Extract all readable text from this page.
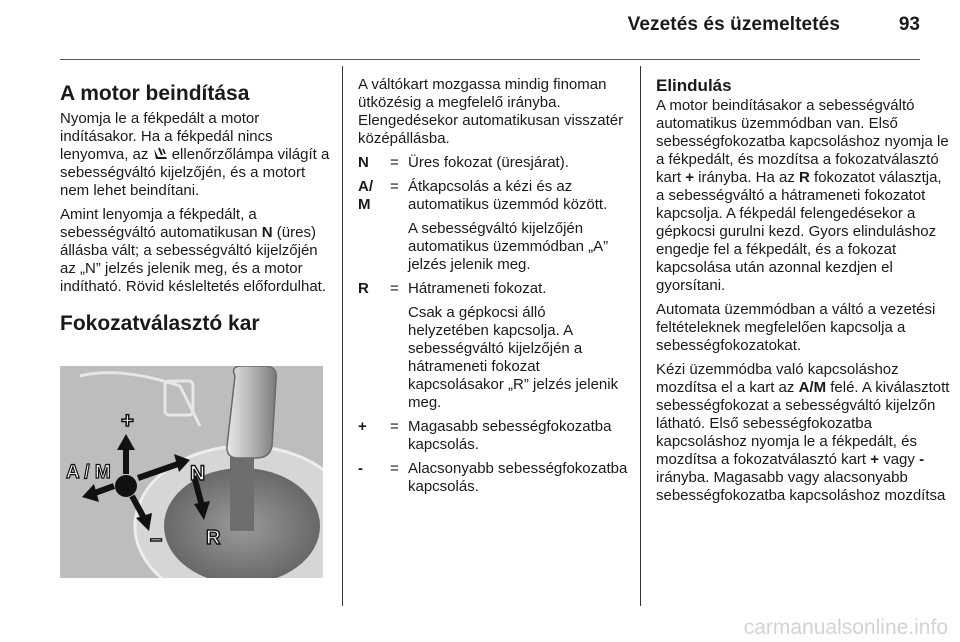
Vezetés és üzemeltetés	93
A motor beindítása

Nyomja le a fékpedált a motor indításakor. Ha a fékpedál nincs lenyomva, az  ellenőrzőlámpa világít a sebességváltó kijelzőjén, és a motort nem lehet beindítani.

Amint lenyomja a fékpedált, a sebességváltó automatikusan N (üres) állásba vált; a sebességváltó kijelzőjén az „N” jelzés jelenik meg, és a motor indítható. Rövid késleltetés előfordulhat.

Fokozatválasztó kar
+
A / M	N
– R

A váltókart mozgassa mindig finoman ütközésig a megfelelő irányba. Elengedésekor automatikusan visszatér középállásba.

N	= Üres fokozat (üresjárat).

A/
M
= Átkapcsolás a kézi és az automatikus üzemmód között.

A sebességváltó kijelzőjén automatikus üzemmódban „A” jelzés jelenik meg.

R	= Hátrameneti fokozat.

Csak a gépkocsi álló helyzetében kapcsolja. A sebességváltó kijelzőjén a hátrameneti fokozat kapcsolásakor „R” jelzés jelenik meg.

+	= Magasabb sebességfokozatba kapcsolás.

-	= Alacsonyabb sebességfokozatba kapcsolás.

Elindulás

A motor beindításakor a sebességváltó automatikus üzemmódban van. Első sebességfokozatba kapcsoláshoz nyomja le a fékpedált, és mozdítsa a fokozatválasztó kart + irányba. Ha az R fokozatot választja, a sebességváltó a hátrameneti fokozatot kapcsolja. A fékpedál felengedésekor a gépkocsi gurulni kezd. Gyors elinduláshoz engedje fel a fékpedált, és a fokozat kapcsolása után azonnal kezdjen el gyorsítani.

Automata üzemmódban a váltó a vezetési feltételeknek megfelelően kapcsolja a sebességfokozatokat.

Kézi üzemmódba való kapcsoláshoz mozdítsa el a kart az A/M felé. A kiválasztott sebességfokozat a sebességváltó kijelzőn látható. Első sebességfokozatba kapcsoláshoz nyomja le a fékpedált, és mozdítsa a fokozatválasztó kart + vagy - irányba. Magasabb vagy alacsonyabb sebességfokozatba kapcsoláshoz mozdítsa

carmanualsonline.info
